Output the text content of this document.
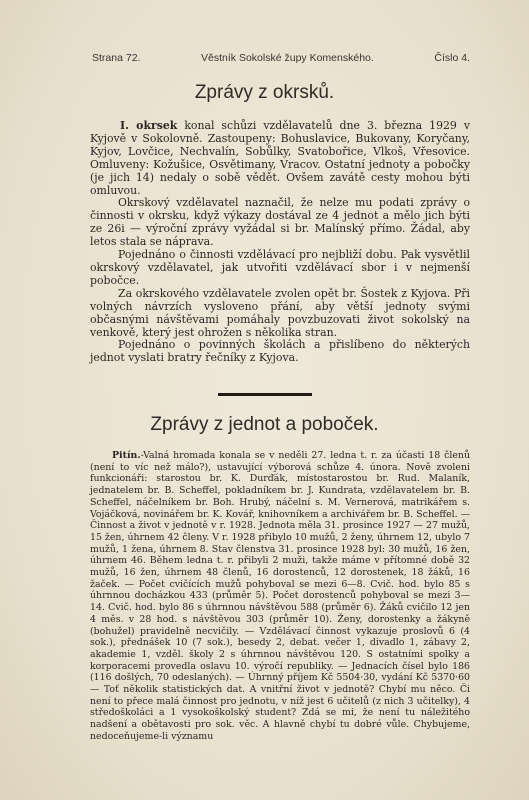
Strana 72.	Věstník Sokolské župy Komenského.	Číslo 4.
Zprávy z okrsků.

I. okrsek konal schůzi vzdělavatelů dne 3. března 1929 v Kyjově v Sokolovně. Zastoupeny: Bohuslavice, Bukovany, Koryčany, Kyjov, Lovčice, Nechvalín, Sobůlky, Svatobořice, Vlkoš, Vřesovice. Omluveny: Kožušice, Osvětimany, Vracov. Ostatní jednoty a pobočky (je jich 14) nedaly o sobě vědět. Ovšem zavátě cesty mohou býti omluvou.

Okrskový vzdělavatel naznačil, že nelze mu podati zprávy o činnosti v okrsku, když výkazy dostával ze 4 jednot a mělo jich býti ze 26i — výroční zprávy vyžádal si br. Malínský přímo. Žádal, aby letos stala se náprava.

Pojednáno o činnosti vzdělávací pro nejbliží dobu. Pak vysvětlil okrskový vzdělavatel, jak utvořiti vzdělávací sbor i v nejmenší pobočce.

Za okrskového vzdělavatele zvolen opět br. Šostek z Kyjova. Při volných návrzích vysloveno přání, aby větší jednoty svými občasnými návštěvami pomáhaly povzbuzovati život sokolský na venkově, který jest ohrožen s několika stran.

Pojednáno o povinných školách a přislíbeno do některých jednot vyslati bratry řečníky z Kyjova.

Zprávy z jednot a poboček.

Pitín.-Valná hromada konala se v neděli 27. ledna t. r. za účasti 18 členů (není to víc než málo?), ustavující výborová schůze 4. února. Nově zvoleni funkcionáři: starostou br. K. Durďák, místostarostou br. Rud. Malaník, jednatelem br. B. Scheffel, pokladníkem br. J. Kundrata, vzdělavatelem br. B. Scheffel, náčelníkem br. Boh. Hrubý, náčelní s. M. Vernerová, matrikářem s. Vojáčková, novinářem br. K. Kovář, knihovníkem a archivářem br. B. Scheffel. — Činnost a život v jednotě v r. 1928. Jednota měla 31. prosince 1927 — 27 mužů, 15 žen, úhrnem 42 členy. V r. 1928 přibylo 10 mužů, 2 ženy, úhrnem 12, ubylo 7 mužů, 1 žena, úhrnem 8. Stav členstva 31. prosince 1928 byl: 30 mužů, 16 žen, úhrnem 46. Během ledna t. r. přibyli 2 muži, takže máme v přítomné době 32 mužů, 16 žen, úhrnem 48 členů, 16 dorostenců, 12 dorostenek, 18 žáků, 16 žaček. — Počet cvičících mužů pohyboval se mezi 6—8. Cvič. hod. bylo 85 s úhrnnou docházkou 433 (průměr 5). Počet dorostenců pohyboval se mezi 3—14. Cvič. hod. bylo 86 s úhrnnou návštěvou 588 (průměr 6). Žáků cvičilo 12 jen 4 měs. v 28 hod. s návštěvou 303 (průměr 10). Ženy, dorostenky a žákyně (bohužel) pravidelně necvičily. — Vzdělávací činnost vykazuje proslovů 6 (4 sok.), přednášek 10 (7 sok.), besedy 2, debat. večer 1, divadlo 1, zábavy 2, akademie 1, vzděl. školy 2 s úhrnnou návštěvou 120. S ostatními spolky a korporacemi provedla oslavu 10. výročí republiky. — Jednacích čísel bylo 186 (116 došlých, 70 odeslaných). — Úhrnný příjem Kč 5504·30, vydání Kč 5370·60 — Toť několik statistických dat. A vnitřní život v jednotě? Chybí mu něco. Či není to přece malá činnost pro jednotu, v níž jest 6 učitelů (z nich 3 učitelky), 4 středoškoláci a 1 vysokoškolský student? Zdá se mi, že není tu náležitého nadšení a obětavosti pro sok. věc. A hlavně chybí tu dobré vůle. Chybujeme, nedoceňujeme-li významu
